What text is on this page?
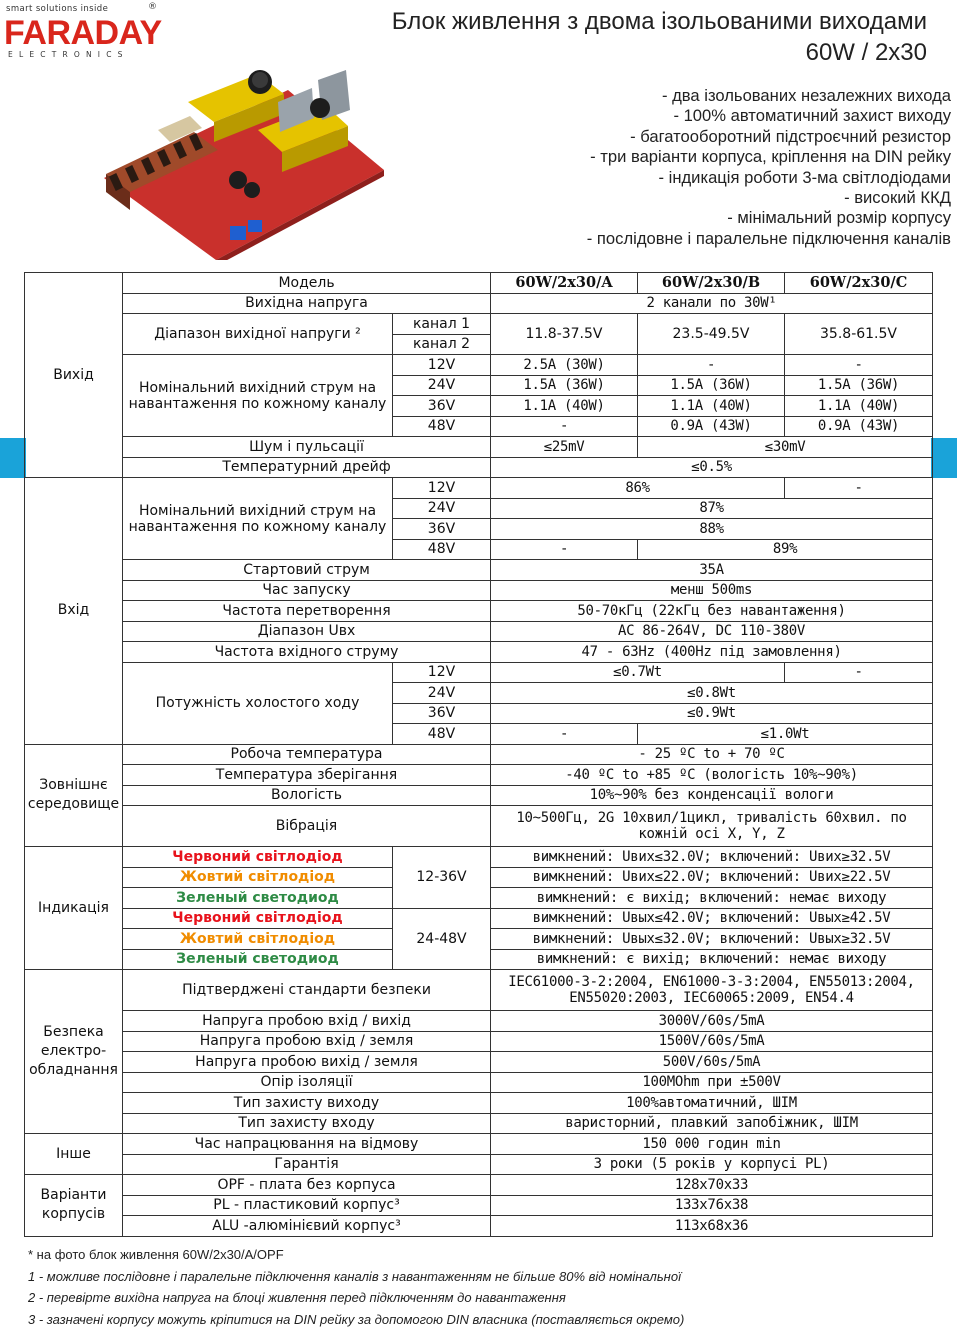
smart solutions inside	®
FARADAY
ELECTRONICS
Блок живлення з двома ізольованими виходами
60W / 2x30
- два ізольованих незалежних вихода
- 100% автоматичний захист виходу
- багатооборотний підстроєчний резистор
- три варіанти корпуса, кріплення на DIN рейку
- індикація роботи 3-ма світлодіодами
- високий ККД
- мінімальний розмір корпусу
- послідовне і паралельне підключення каналів
Вихід	Модель		60W/2x30/A	60W/2x30/B	60W/2x30/C
	Вихідна напруга		2 канали по 30W¹		
	Діапазон вихідної напруги ²	канал 1	11.8-37.5V	23.5-49.5V	35.8-61.5V
		канал 2			
	Номінальний вихідний струм на навантаження по кожному каналу	12V	2.5A (30W)	-	-
		24V	1.5A (36W)	1.5A (36W)	1.5A (36W)
		36V	1.1A (40W)	1.1A (40W)	1.1A (40W)
		48V	-	0.9A (43W)	0.9A (43W)
	Шум і пульсації		≤25mV	≤30mV	
	Температурний дрейф		≤0.5%		
Вхід	Номінальний вихідний струм на навантаження по кожному каналу	12V	86%		-
		24V	87%		
		36V	88%		
		48V	-	89%	
	Стартовий струм		35A		
	Час запуску		менш 500ms		
	Частота перетворення		50-70кГц (22кГц без навантаження)		
	Діапазон Uвх		AC 86-264V, DC 110-380V		
	Частота вхідного струму		47 - 63Hz (400Hz під замовлення)		
	Потужність холостого ходу	12V	≤0.7Wt		-
		24V	≤0.8Wt		
		36V	≤0.9Wt		
		48V	-	≤1.0Wt	
Зовнішнє середовище	Робоча температура		- 25 ºC to + 70 ºC		
	Температура зберігання		-40 ºC to +85 ºC (вологість 10%~90%)		
	Вологість		10%~90% без конденсації вологи		
	Вібрація		10~500Гц, 2G 10хвил/1цикл, тривалість 60хвил. по кожній осі X, Y, Z		
Індикація	Червоний світлодіод	12-36V	вимкнений: Uвих≤32.0V; включений: Uвих≥32.5V		
	Жовтий світлодіод		вимкнений: Uвих≤22.0V; включений: Uвих≥22.5V		
	Зеленый светодиод		вимкнений: є вихід; включений: немає виходу		
	Червоний світлодіод	24-48V	вимкнений: Uвых≤42.0V; включений: Uвых≥42.5V		
	Жовтий світлодіод		вимкнений: Uвых≤32.0V; включений: Uвых≥32.5V		
	Зеленый светодиод		вимкнений: є вихід; включений: немає виходу		
Безпека електро-обладнання	Підтверджені стандарти безпеки		IEC61000-3-2:2004, EN61000-3-3:2004, EN55013:2004, EN55020:2003, IEC60065:2009, EN54.4		
	Напруга пробою вхід / вихід		3000V/60s/5mA		
	Напруга пробою вхід / земля		1500V/60s/5mA		
	Напруга пробою вихід / земля		500V/60s/5mA		
	Опір ізоляції		100MOhm при ±500V		
	Тип захисту виходу		100%автоматичний, ШІМ		
	Тип захисту входу		варисторний, плавкий запобіжник, ШІМ		
Інше	Час напрацювання на відмову		150 000 годин min		
	Гарантія		3 роки (5 років у корпусі PL)		
Варіанти корпусів	OPF - плата без корпуса		128х70х33		
	PL - пластиковий корпус³		133х76х38		
	ALU -алюмінієвий корпус³		113х68х36		

* на фото блок живлення 60W/2x30/A/OPF

1 - можливе послідовне і паралельне підключення каналів з навантаженням не більше 80% від номінальної

2 - перевірте вихідна напруга на блоці живлення перед підключенням до навантаження

3 - зазначені корпусу можуть кріпитися на DIN рейку за допомогою DIN власника (поставляється окремо)
